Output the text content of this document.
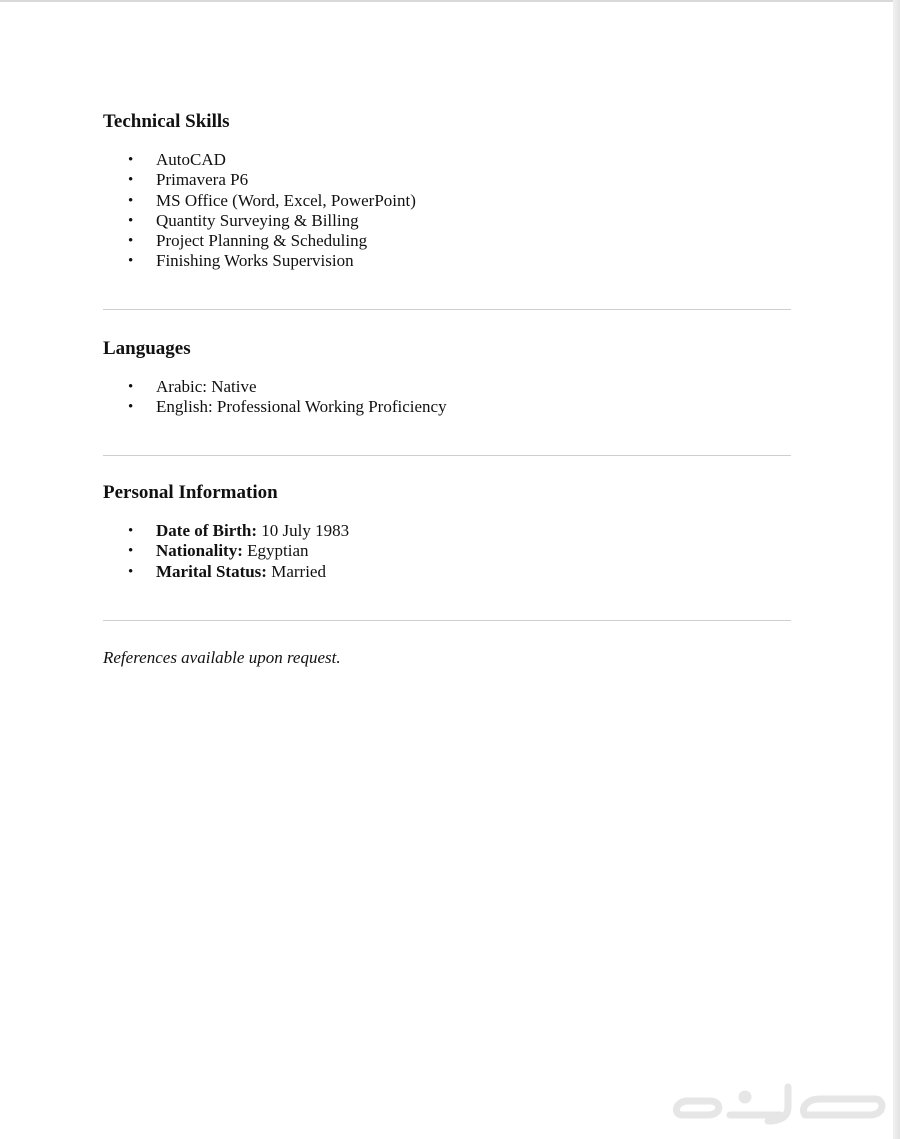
Technical Skills
• AutoCAD
• Primavera P6
• MS Office (Word, Excel, PowerPoint)
• Quantity Surveying & Billing
• Project Planning & Scheduling
• Finishing Works Supervision
Languages
• Arabic: Native
• English: Professional Working Proficiency
Personal Information
• Date of Birth: 10 July 1983
• Nationality: Egyptian
• Marital Status: Married
References available upon request.
